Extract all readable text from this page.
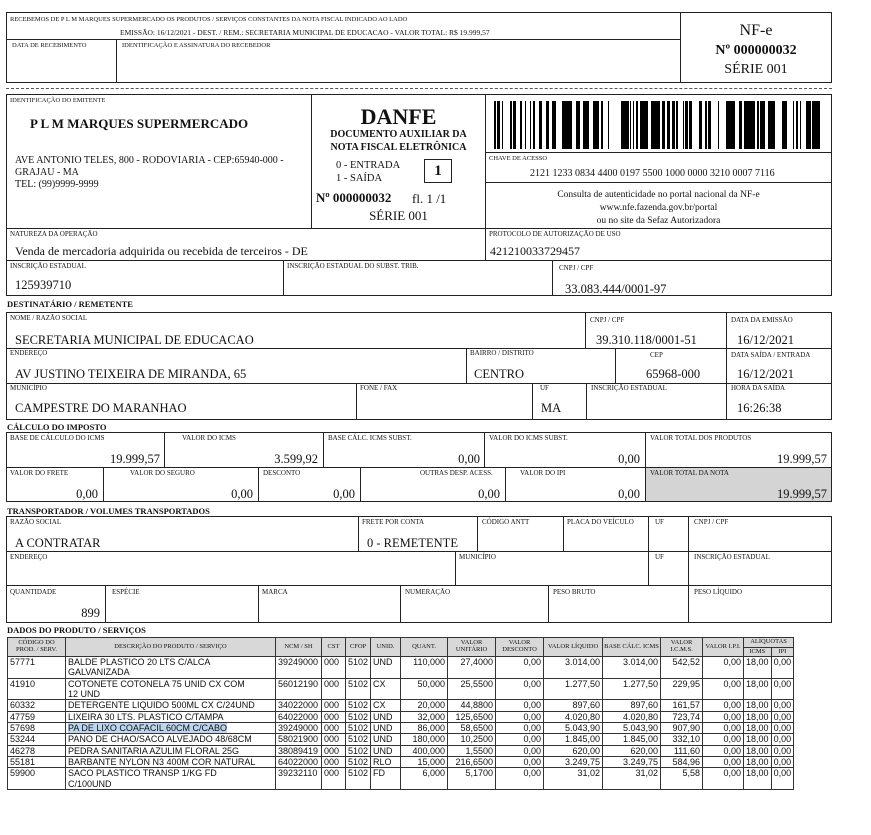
RECEBEMOS DE P L M MARQUES SUPERMERCADO OS PRODUTOS / SERVIÇOS CONSTANTES DA NOTA FISCAL INDICADO AO LADO
EMISSÃO: 16/12/2021 - DEST. / REM.: SECRETARIA MUNICIPAL DE EDUCACAO - VALOR TOTAL: R$ 19.999,57
DATA DE RECEBIMENTO	IDENTIFICAÇÃO E ASSINATURA DO RECEBEDOR
NF-e
Nº 000000032
SÉRIE 001
IDENTIFICAÇÃO DO EMITENTE
P L M MARQUES SUPERMERCADO
AVE ANTONIO TELES, 800 - RODOVIARIA - CEP:65940-000 -
GRAJAU - MA
TEL: (99)9999-9999
DANFE
DOCUMENTO AUXILIAR DA
NOTA FISCAL ELETRÔNICA
0 - ENTRADA
1 - SAÍDA	1
Nº 000000032 fl. 1 /1
SÉRIE 001
CHAVE DE ACESSO
2121 1233 0834 4400 0197 5500 1000 0000 3210 0007 7116
Consulta de autenticidade no portal nacional da NF-e
www.nfe.fazenda.gov.br/portal
ou no site da Sefaz Autorizadora
NATUREZA DA OPERAÇÃO
Venda de mercadoria adquirida ou recebida de terceiros - DE
PROTOCOLO DE AUTORIZAÇÃO DE USO
421210033729457
INSCRIÇÃO ESTADUAL
125939710
INSCRIÇÃO ESTADUAL DO SUBST. TRIB.	CNPJ / CPF
33.083.444/0001-97
DESTINATÁRIO / REMETENTE
NOME / RAZÃO SOCIAL
SECRETARIA MUNICIPAL DE EDUCACAO
CNPJ / CPF
39.310.118/0001-51
DATA DA EMISSÃO
16/12/2021
ENDEREÇO
AV JUSTINO TEIXEIRA DE MIRANDA, 65
BAIRRO / DISTRITO
CENTRO
CEP
65968-000
DATA SAÍDA / ENTRADA
16/12/2021
MUNICÍPIO
CAMPESTRE DO MARANHAO
FONE / FAX	UF
MA
INSCRIÇÃO ESTADUAL	HORA DA SAÍDA
16:26:38
CÁLCULO DO IMPOSTO
BASE DE CÁLCULO DO ICMS
19.999,57
VALOR DO ICMS
3.599,92
BASE CÁLC. ICMS SUBST.
0,00
VALOR DO ICMS SUBST.
0,00
VALOR TOTAL DOS PRODUTOS
19.999,57
VALOR DO FRETE
0,00
VALOR DO SEGURO
0,00
DESCONTO
0,00
OUTRAS DESP. ACESS.
0,00
VALOR DO IPI
0,00
VALOR TOTAL DA NOTA
19.999,57
TRANSPORTADOR / VOLUMES TRANSPORTADOS
RAZÃO SOCIAL
A CONTRATAR
FRETE POR CONTA
0 - REMETENTE
CÓDIGO ANTT	PLACA DO VEÍCULO	UF	CNPJ / CPF
ENDEREÇO	MUNICÍPIO	UF	INSCRIÇÃO ESTADUAL
QUANTIDADE
899
ESPÉCIE	MARCA	NUMERAÇÃO	PESO BRUTO	PESO LÍQUIDO
DADOS DO PRODUTO / SERVIÇOS
CÓDIGO DO PROD. / SERV.	DESCRIÇÃO DO PRODUTO / SERVIÇO	NCM / SH	CST	CFOP	UNID.	QUANT.	VALOR UNITÁRIO	VALOR DESCONTO	VALOR LÍQUIDO	BASE CÁLC. ICMS	VALOR I.C.M.S.	VALOR I.P.I.	ALÍQUOTAS	
													ICMS	IPI
57771	BALDE PLASTICO 20 LTS C/ALCA
GALVANIZADA	39249000	000	5102	UND	110,000	27,4000	0,00	3.014,00	3.014,00	542,52	0,00	18,00	0,00
41910	COTONETE COTONELA 75 UNID CX COM
12 UND	56012190	000	5102	CX	50,000	25,5500	0,00	1.277,50	1.277,50	229,95	0,00	18,00	0,00
60332	DETERGENTE LIQUIDO 500ML CX C/24UND	34022000	000	5102	CX	20,000	44,8800	0,00	897,60	897,60	161,57	0,00	18,00	0,00
47759	LIXEIRA 30 LTS. PLASTICO C/TAMPA	64022000	000	5102	UND	32,000	125,6500	0,00	4.020,80	4.020,80	723,74	0,00	18,00	0,00
57698	PA DE LIXO COAFACIL 60CM C/CABO	39249000	000	5102	UND	86,000	58,6500	0,00	5.043,90	5.043,90	907,90	0,00	18,00	0,00
53244	PANO DE CHAO/SACO ALVEJADO 48/68CM	58021900	000	5102	UND	180,000	10,2500	0,00	1.845,00	1.845,00	332,10	0,00	18,00	0,00
46278	PEDRA SANITARIA AZULIM FLORAL 25G	38089419	000	5102	UND	400,000	1,5500	0,00	620,00	620,00	111,60	0,00	18,00	0,00
55181	BARBANTE NYLON N3 400M COR NATURAL	64022000	000	5102	RLO	15,000	216,6500	0,00	3.249,75	3.249,75	584,96	0,00	18,00	0,00
59900	SACO PLASTICO TRANSP 1/KG FD
C/100UND	39232110	000	5102	FD	6,000	5,1700	0,00	31,02	31,02	5,58	0,00	18,00	0,00
